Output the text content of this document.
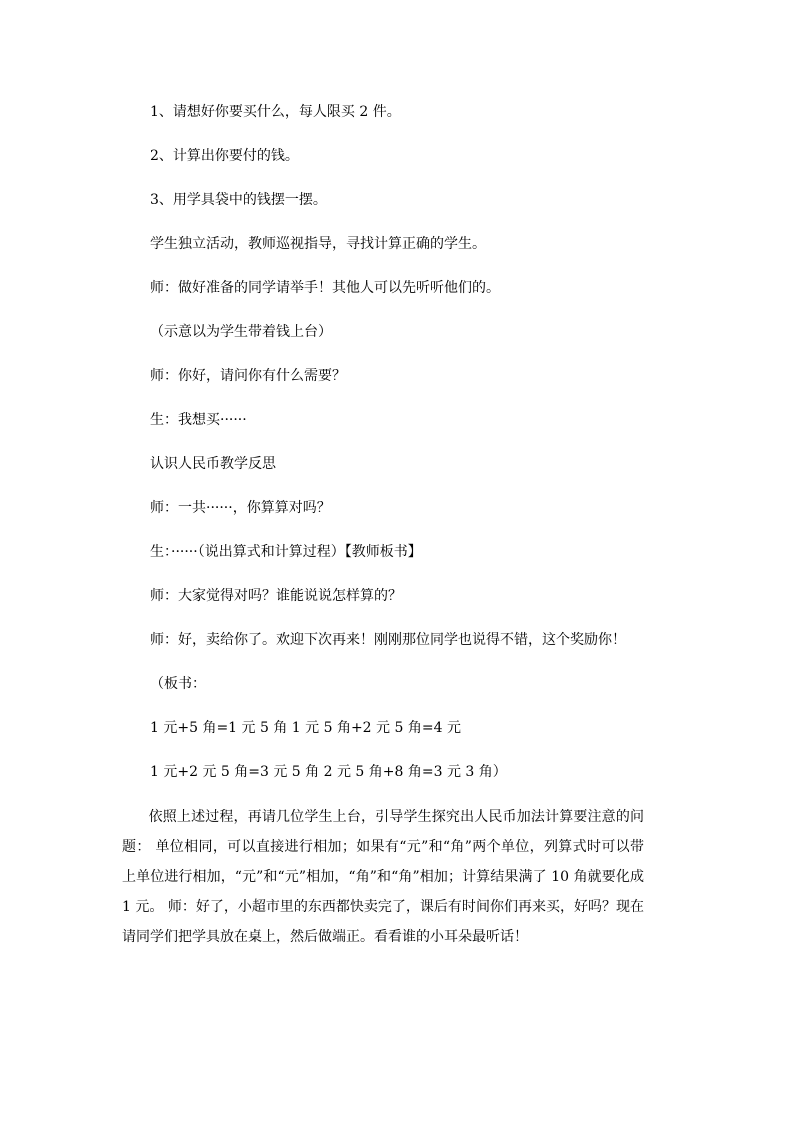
1、请想好你要买什么，每人限买 2 件。
2、计算出你要付的钱。
3、用学具袋中的钱摆一摆。
学生独立活动，教师巡视指导，寻找计算正确的学生。
师：做好准备的同学请举手！其他人可以先听听他们的。
（示意以为学生带着钱上台）
师：你好，请问你有什么需要？
生：我想买······
认识人民币教学反思
师：一共······，你算算对吗？
生：······（说出算式和计算过程）【教师板书】
师：大家觉得对吗？谁能说说怎样算的？
师：好，卖给你了。欢迎下次再来！刚刚那位同学也说得不错，这个奖励你！
（板书：
1 元+5 角=1 元 5 角 1 元 5 角+2 元 5 角=4 元
1 元+2 元 5 角=3 元 5 角 2 元 5 角+8 角=3 元 3 角）
依照上述过程，再请几位学生上台，引导学生探究出人民币加法计算要注意的问题： 单位相同，可以直接进行相加；如果有“元”和“角”两个单位，列算式时可以带上单位进行相加，“元”和“元”相加，“角”和“角”相加；计算结果满了 10 角就要化成 1 元。 师：好了，小超市里的东西都快卖完了，课后有时间你们再来买，好吗？现在请同学们把学具放在桌上，然后做端正。看看谁的小耳朵最听话！
